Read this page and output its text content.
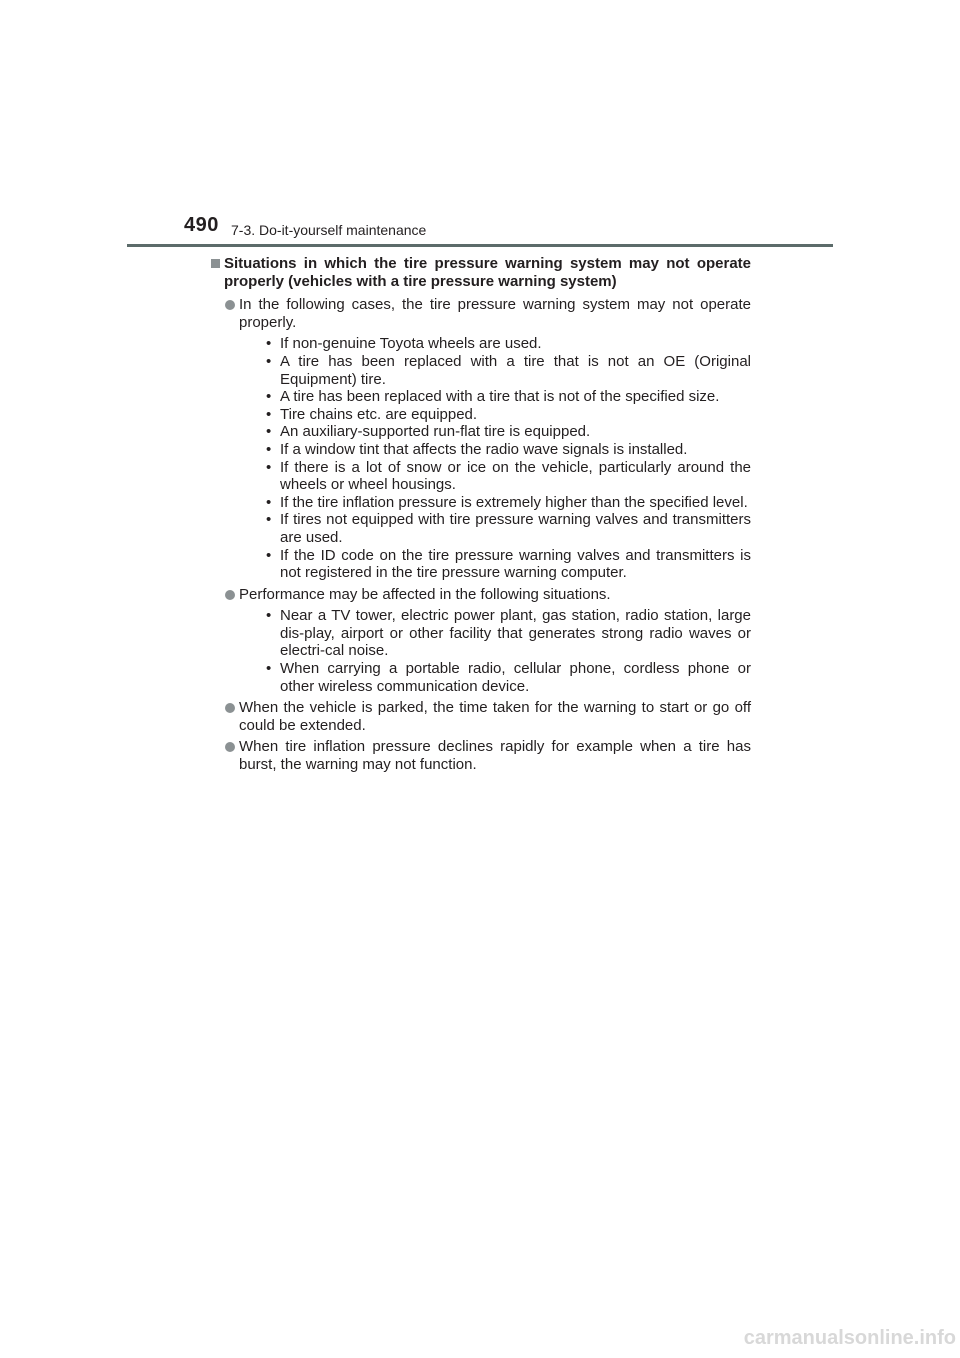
490 7-3. Do-it-yourself maintenance
Situations in which the tire pressure warning system may not operate properly (vehicles with a tire pressure warning system)
In the following cases, the tire pressure warning system may not operate properly.
• If non-genuine Toyota wheels are used.
• A tire has been replaced with a tire that is not an OE (Original Equipment) tire.
• A tire has been replaced with a tire that is not of the specified size.
• Tire chains etc. are equipped.
• An auxiliary-supported run-flat tire is equipped.
• If a window tint that affects the radio wave signals is installed.
• If there is a lot of snow or ice on the vehicle, particularly around the wheels or wheel housings.
• If the tire inflation pressure is extremely higher than the specified level.
• If tires not equipped with tire pressure warning valves and transmitters are used.
• If the ID code on the tire pressure warning valves and transmitters is not registered in the tire pressure warning computer.
Performance may be affected in the following situations.
• Near a TV tower, electric power plant, gas station, radio station, large dis-play, airport or other facility that generates strong radio waves or electri-cal noise.
• When carrying a portable radio, cellular phone, cordless phone or other wireless communication device.
When the vehicle is parked, the time taken for the warning to start or go off could be extended.
When tire inflation pressure declines rapidly for example when a tire has burst, the warning may not function.
carmanualsonline.info
